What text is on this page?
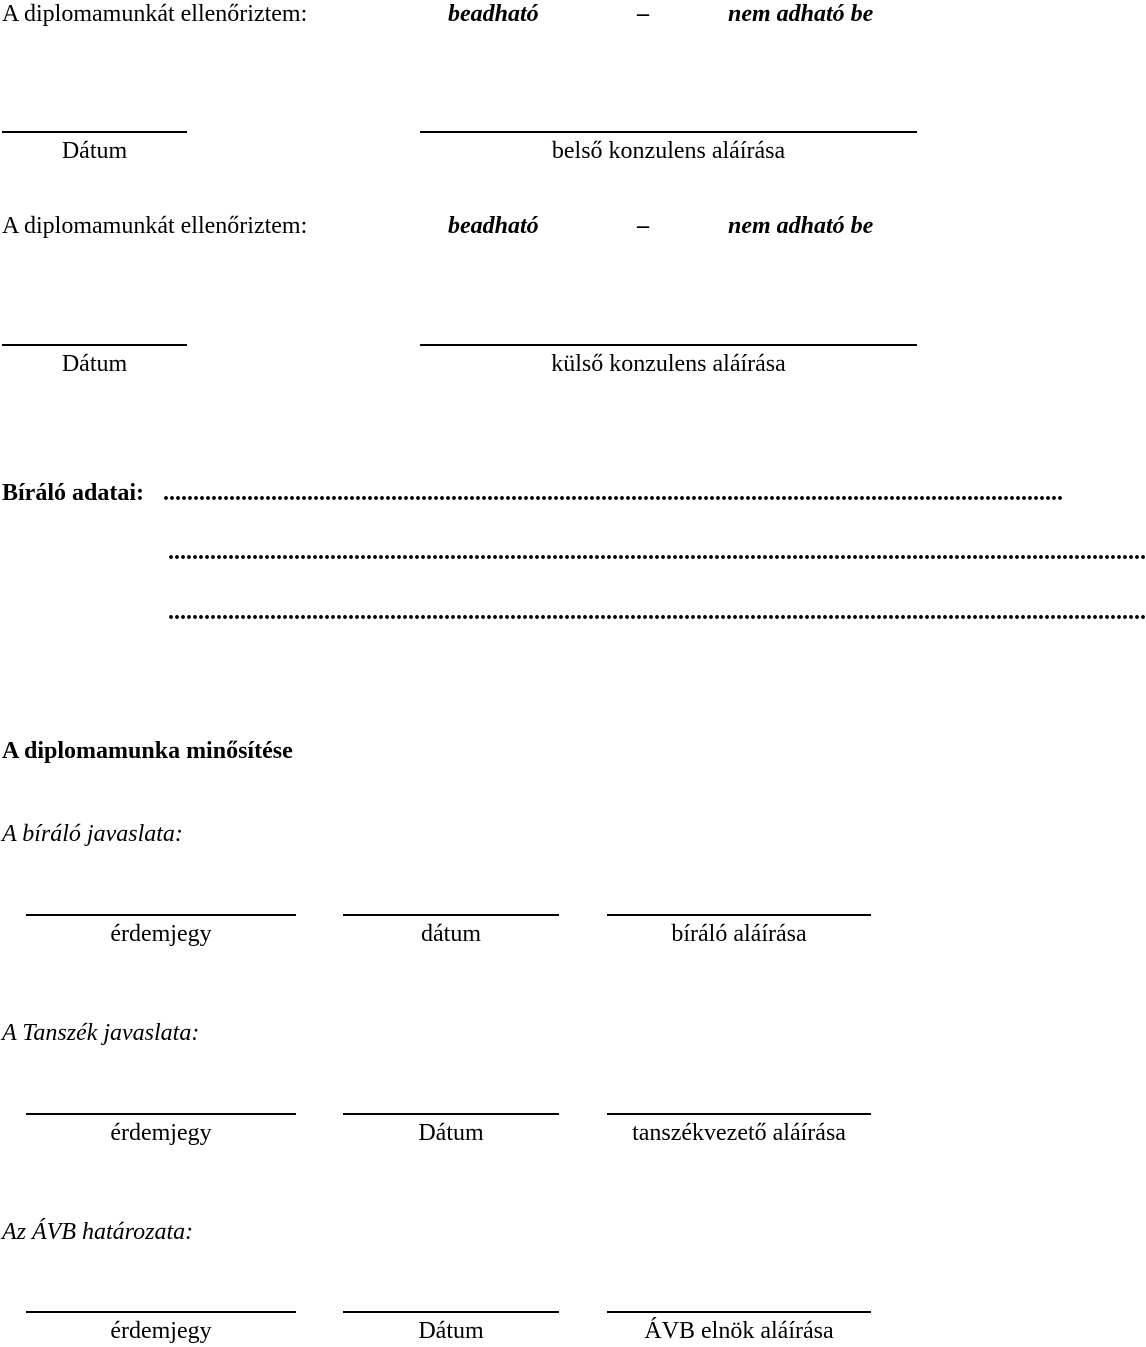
A diplomamunkát ellenőriztem:	beadható	–	nem adható be
Dátum	belső konzulens aláírása
A diplomamunkát ellenőriztem:	beadható	–	nem adható be
Dátum	külső konzulens aláírása
Bíráló adatai: ......................................................................................................................................................
...................................................................................................................................................................
...................................................................................................................................................................
A diplomamunka minősítése
A bíráló javaslata:
érdemjegy	dátum	bíráló aláírása
A Tanszék javaslata:
érdemjegy	Dátum	tanszékvezető aláírása
Az ÁVB határozata:
érdemjegy	Dátum	ÁVB elnök aláírása
